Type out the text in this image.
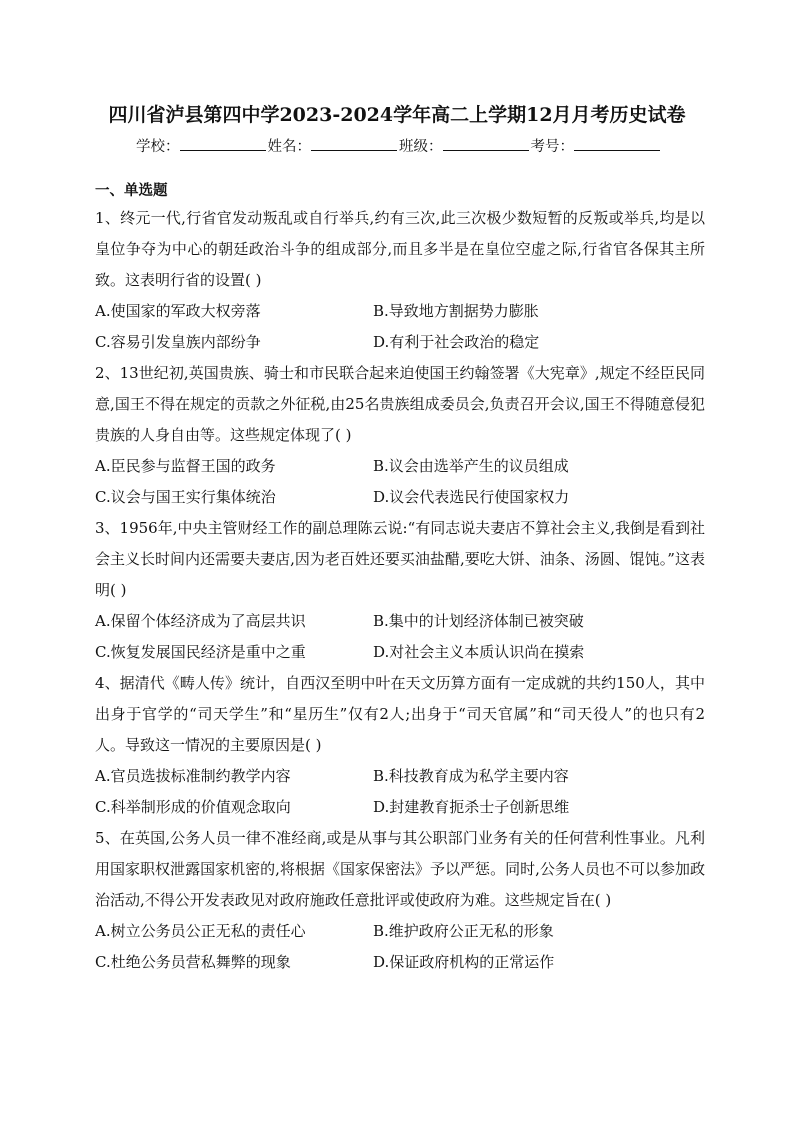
四川省泸县第四中学2023-2024学年高二上学期12月月考历史试卷
学校：	姓名：	班级：	考号：
一、单选题

1、终元一代,行省官发动叛乱或自行举兵,约有三次,此三次极少数短暂的反叛或举兵,均是以皇位争夺为中心的朝廷政治斗争的组成部分,而且多半是在皇位空虚之际,行省官各保其主所致。这表明行省的设置( )

A.使国家的军政大权旁落	B.导致地方割据势力膨胀
C.容易引发皇族内部纷争	D.有利于社会政治的稳定

2、13世纪初,英国贵族、骑士和市民联合起来迫使国王约翰签署《大宪章》,规定不经臣民同意,国王不得在规定的贡款之外征税,由25名贵族组成委员会,负责召开会议,国王不得随意侵犯贵族的人身自由等。这些规定体现了( )

A.臣民参与监督王国的政务	B.议会由选举产生的议员组成
C.议会与国王实行集体统治	D.议会代表选民行使国家权力

3、1956年,中央主管财经工作的副总理陈云说:“有同志说夫妻店不算社会主义,我倒是看到社会主义长时间内还需要夫妻店,因为老百姓还要买油盐醋,要吃大饼、油条、汤圆、馄饨。”这表明( )

A.保留个体经济成为了高层共识	B.集中的计划经济体制已被突破
C.恢复发展国民经济是重中之重	D.对社会主义本质认识尚在摸索

4、据清代《畴人传》统计，自西汉至明中叶在天文历算方面有一定成就的共约150人，其中出身于官学的“司天学生”和“星历生”仅有2人;出身于“司天官属”和“司天役人”的也只有2人。导致这一情况的主要原因是( )

A.官员选拔标准制约教学内容	B.科技教育成为私学主要内容
C.科举制形成的价值观念取向	D.封建教育扼杀士子创新思维

5、在英国,公务人员一律不准经商,或是从事与其公职部门业务有关的任何营利性事业。凡利用国家职权泄露国家机密的,将根据《国家保密法》予以严惩。同时,公务人员也不可以参加政治活动,不得公开发表政见对政府施政任意批评或使政府为难。这些规定旨在( )

A.树立公务员公正无私的责任心	B.维护政府公正无私的形象
C.杜绝公务员营私舞弊的现象	D.保证政府机构的正常运作
